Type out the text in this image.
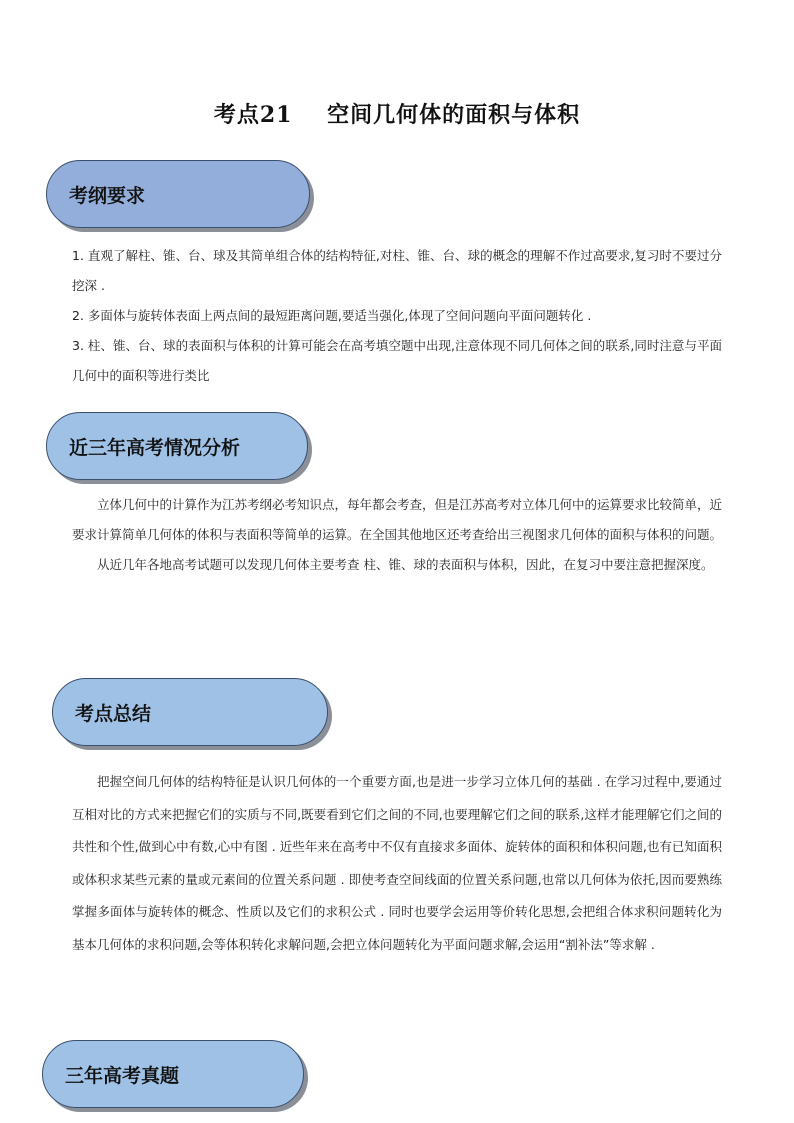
考点21    空间几何体的面积与体积
考纲要求

1. 直观了解柱、锥、台、球及其简单组合体的结构特征,对柱、锥、台、球的概念的理解不作过高要求,复习时不要过分挖深 .

2. 多面体与旋转体表面上两点间的最短距离问题,要适当强化,体现了空间问题向平面问题转化 .

3. 柱、锥、台、球的表面积与体积的计算可能会在高考填空题中出现,注意体现不同几何体之间的联系,同时注意与平面几何中的面积等进行类比

近三年高考情况分析

立体几何中的计算作为江苏考纲必考知识点，每年都会考查，但是江苏高考对立体几何中的运算要求比较简单，近要求计算简单几何体的体积与表面积等简单的运算。在全国其他地区还考查给出三视图求几何体的面积与体积的问题。

从近几年各地高考试题可以发现几何体主要考查 柱、锥、球的表面积与体积，因此，在复习中要注意把握深度。

考点总结

把握空间几何体的结构特征是认识几何体的一个重要方面,也是进一步学习立体几何的基础 . 在学习过程中,要通过互相对比的方式来把握它们的实质与不同,既要看到它们之间的不同,也要理解它们之间的联系,这样才能理解它们之间的共性和个性,做到心中有数,心中有图 . 近些年来在高考中不仅有直接求多面体、旋转体的面积和体积问题,也有已知面积或体积求某些元素的量或元素间的位置关系问题 . 即使考查空间线面的位置关系问题,也常以几何体为依托,因而要熟练掌握多面体与旋转体的概念、性质以及它们的求积公式 . 同时也要学会运用等价转化思想,会把组合体求积问题转化为基本几何体的求积问题,会等体积转化求解问题,会把立体问题转化为平面问题求解,会运用“割补法”等求解 .

三年高考真题
